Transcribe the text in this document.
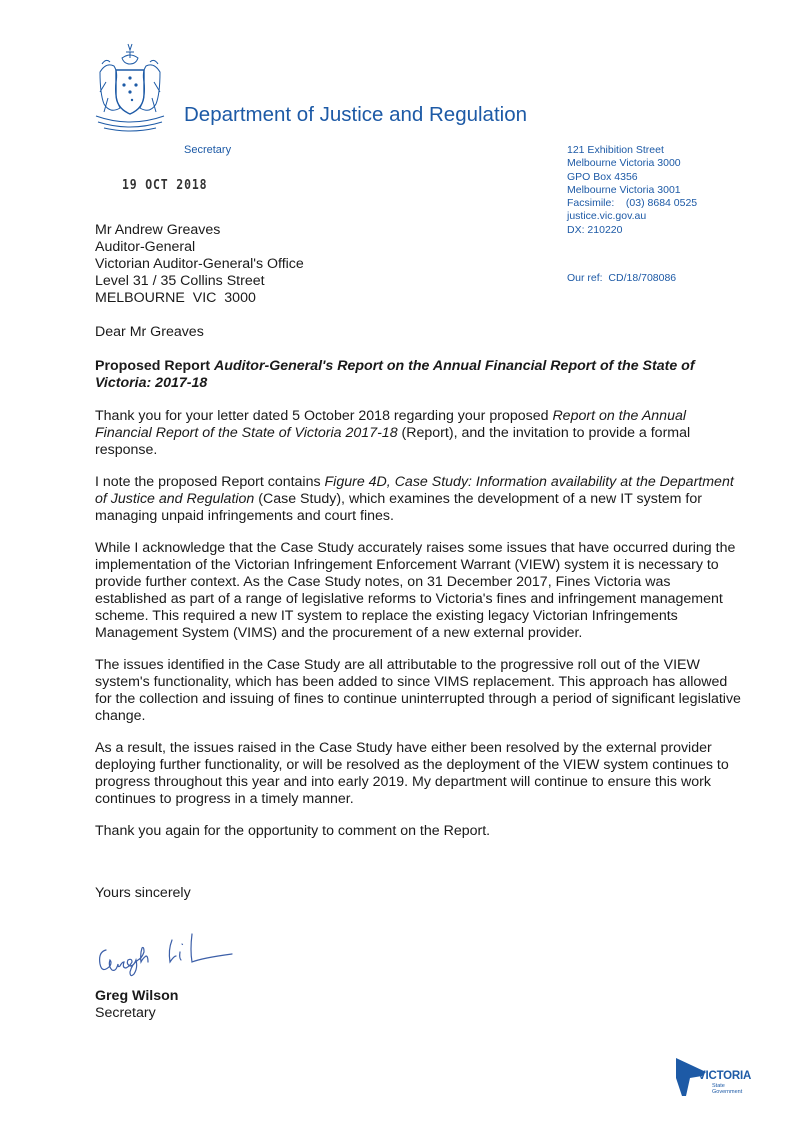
Department of Justice and Regulation
Secretary
19 OCT 2018
121 Exhibition Street
Melbourne Victoria 3000
GPO Box 4356
Melbourne Victoria 3001
Facsimile:    (03) 8684 0525
justice.vic.gov.au
DX: 210220
Our ref:  CD/18/708086
Mr Andrew Greaves
Auditor-General
Victorian Auditor-General's Office
Level 31 / 35 Collins Street
MELBOURNE  VIC  3000
Dear Mr Greaves
Proposed Report Auditor-General's Report on the Annual Financial Report of the State of Victoria: 2017-18

Thank you for your letter dated 5 October 2018 regarding your proposed Report on the Annual Financial Report of the State of Victoria 2017-18 (Report), and the invitation to provide a formal response.

I note the proposed Report contains Figure 4D, Case Study: Information availability at the Department of Justice and Regulation (Case Study), which examines the development of a new IT system for managing unpaid infringements and court fines.

While I acknowledge that the Case Study accurately raises some issues that have occurred during the implementation of the Victorian Infringement Enforcement Warrant (VIEW) system it is necessary to provide further context. As the Case Study notes, on 31 December 2017, Fines Victoria was established as part of a range of legislative reforms to Victoria's fines and infringement management scheme. This required a new IT system to replace the existing legacy Victorian Infringements Management System (VIMS) and the procurement of a new external provider.

The issues identified in the Case Study are all attributable to the progressive roll out of the VIEW system's functionality, which has been added to since VIMS replacement. This approach has allowed for the collection and issuing of fines to continue uninterrupted through a period of significant legislative change.

As a result, the issues raised in the Case Study have either been resolved by the external provider deploying further functionality, or will be resolved as the deployment of the VIEW system continues to progress throughout this year and into early 2019. My department will continue to ensure this work continues to progress in a timely manner.

Thank you again for the opportunity to comment on the Report.

Yours sincerely
Greg Wilson
Secretary
VICTORIA
State
Government
